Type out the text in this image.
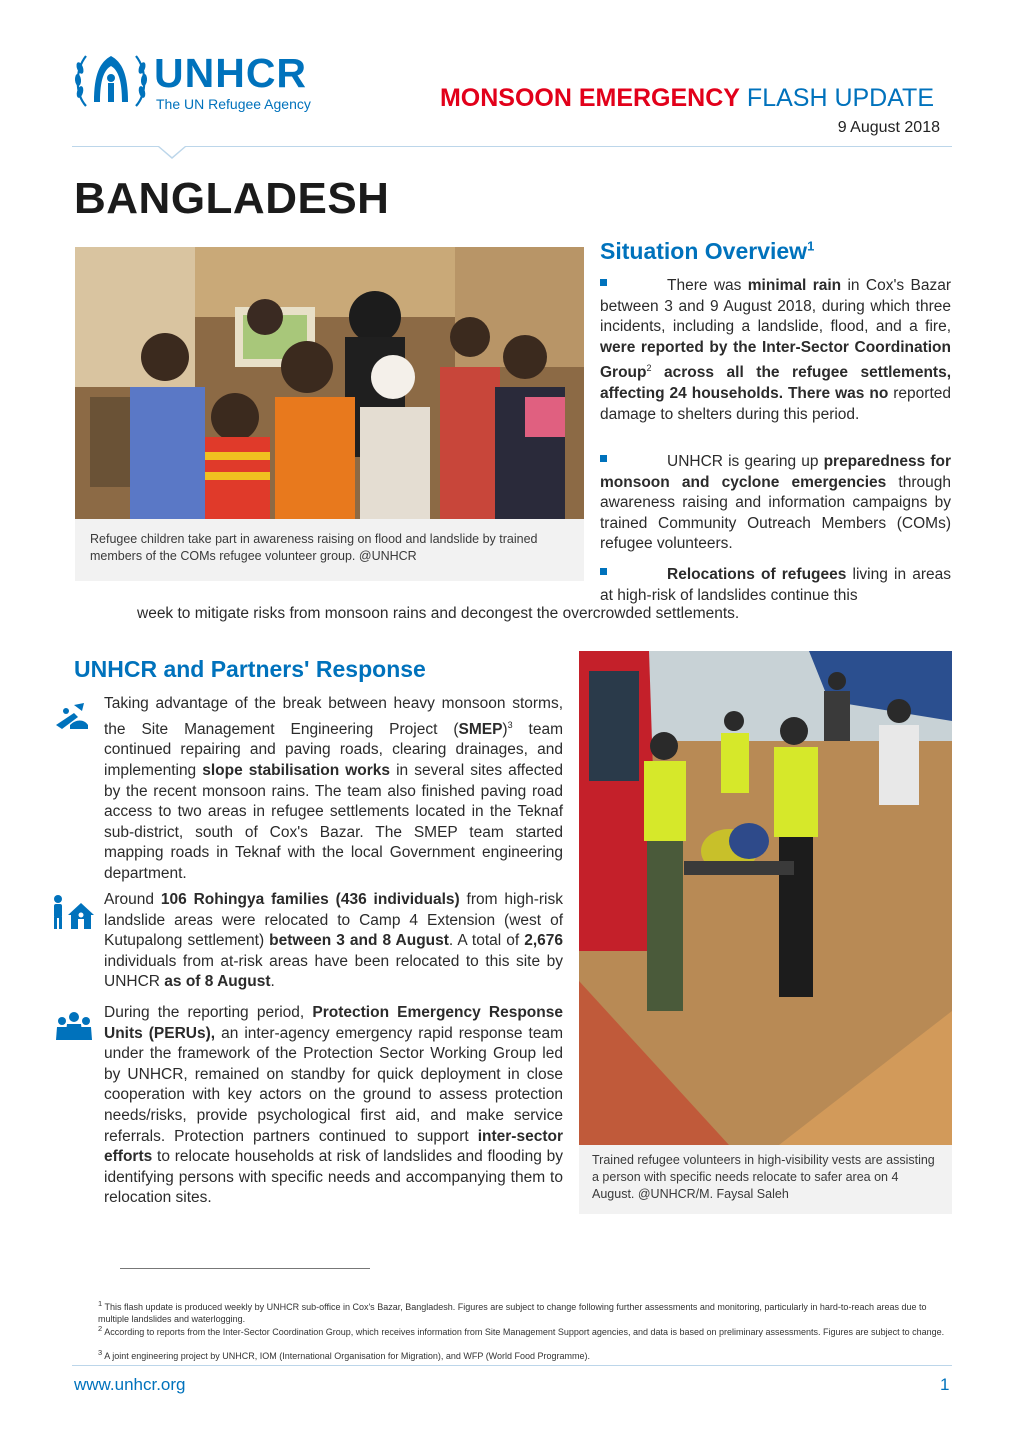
UNHCR
The UN Refugee Agency	MONSOON EMERGENCY FLASH UPDATE
9 August 2018
BANGLADESH
Refugee children take part in awareness raising on flood and landslide by trained members of the COMs refugee volunteer group. @UNHCR
Situation Overview$^1$
There was minimal rain in Cox's Bazar between 3 and 9 August 2018, during which three incidents, including a landslide, flood, and a fire, were reported by the Inter-Sector Coordination Group$^2$ across all the refugee settlements, affecting 24 households. There was no reported damage to shelters during this period.
UNHCR is gearing up preparedness for monsoon and cyclone emergencies through awareness raising and information campaigns by trained Community Outreach Members (COMs) refugee volunteers.
Relocations of refugees living in areas at high-risk of landslides continue this
week to mitigate risks from monsoon rains and decongest the overcrowded settlements.
UNHCR and Partners' Response
Taking advantage of the break between heavy monsoon storms, the Site Management Engineering Project (SMEP)$^3$ team continued repairing and paving roads, clearing drainages, and implementing slope stabilisation works in several sites affected by the recent monsoon rains. The team also finished paving road access to two areas in refugee settlements located in the Teknaf sub-district, south of Cox's Bazar. The SMEP team started mapping roads in Teknaf with the local Government engineering department.
Around 106 Rohingya families (436 individuals) from high-risk landslide areas were relocated to Camp 4 Extension (west of Kutupalong settlement) between 3 and 8 August. A total of 2,676 individuals from at-risk areas have been relocated to this site by UNHCR as of 8 August.
During the reporting period, Protection Emergency Response Units (PERUs), an inter-agency emergency rapid response team under the framework of the Protection Sector Working Group led by UNHCR, remained on standby for quick deployment in close cooperation with key actors on the ground to assess protection needs/risks, provide psychological first aid, and make service referrals. Protection partners continued to support inter-sector efforts to relocate households at risk of landslides and flooding by identifying persons with specific needs and accompanying them to relocation sites.
Trained refugee volunteers in high-visibility vests are assisting a person with specific needs relocate to safer area on 4 August. @UNHCR/M. Faysal Saleh
$^1$ This flash update is produced weekly by UNHCR sub-office in Cox's Bazar, Bangladesh. Figures are subject to change following further assessments and monitoring, particularly in hard-to-reach areas due to multiple landslides and waterlogging.
$^2$ According to reports from the Inter-Sector Coordination Group, which receives information from Site Management Support agencies, and data is based on preliminary assessments. Figures are subject to change.
$^3$ A joint engineering project by UNHCR, IOM (International Organisation for Migration), and WFP (World Food Programme).
www.unhcr.org	1
